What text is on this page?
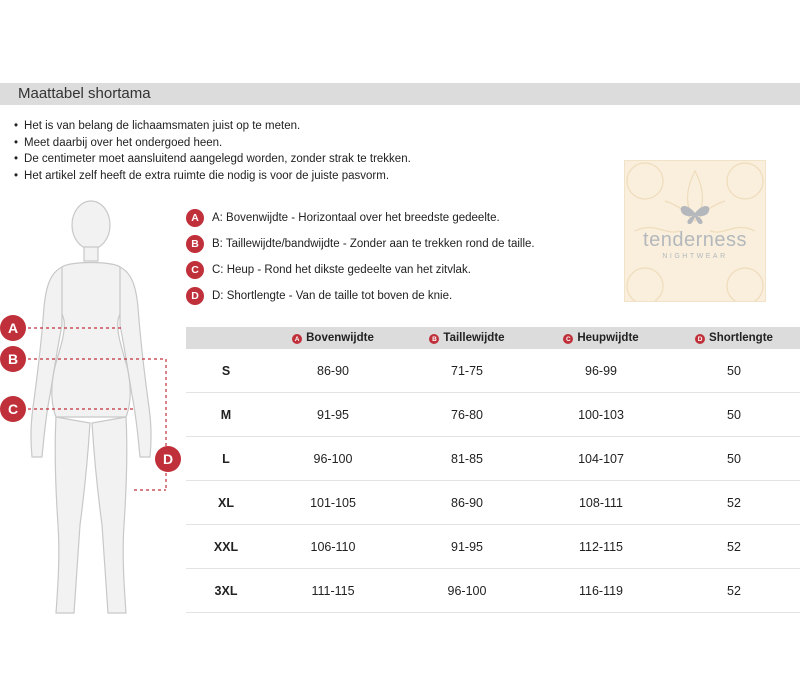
Maattabel shortama
• Het is van belang de lichaamsmaten juist op te meten.
• Meet daarbij over het ondergoed heen.
• De centimeter moet aansluitend aangelegd worden, zonder strak te trekken.
• Het artikel zelf heeft de extra ruimte die nodig is voor de juiste pasvorm.
tenderness
NIGHTWEAR
A
B
C
D
A	A: Bovenwijdte - Horizontaal over het breedste gedeelte.
B	B: Taillewijdte/bandwijdte - Zonder aan te trekken rond de taille.
C	C: Heup - Rond het dikste gedeelte van het zitvlak.
D	D: Shortlengte - Van de taille tot boven de knie.
	A Bovenwijdte	B Taillewijdte	C Heupwijdte	D Shortlengte
S	86-90	71-75	96-99	50
M	91-95	76-80	100-103	50
L	96-100	81-85	104-107	50
XL	101-105	86-90	108-111	52
XXL	106-110	91-95	112-115	52
3XL	111-115	96-100	116-119	52
